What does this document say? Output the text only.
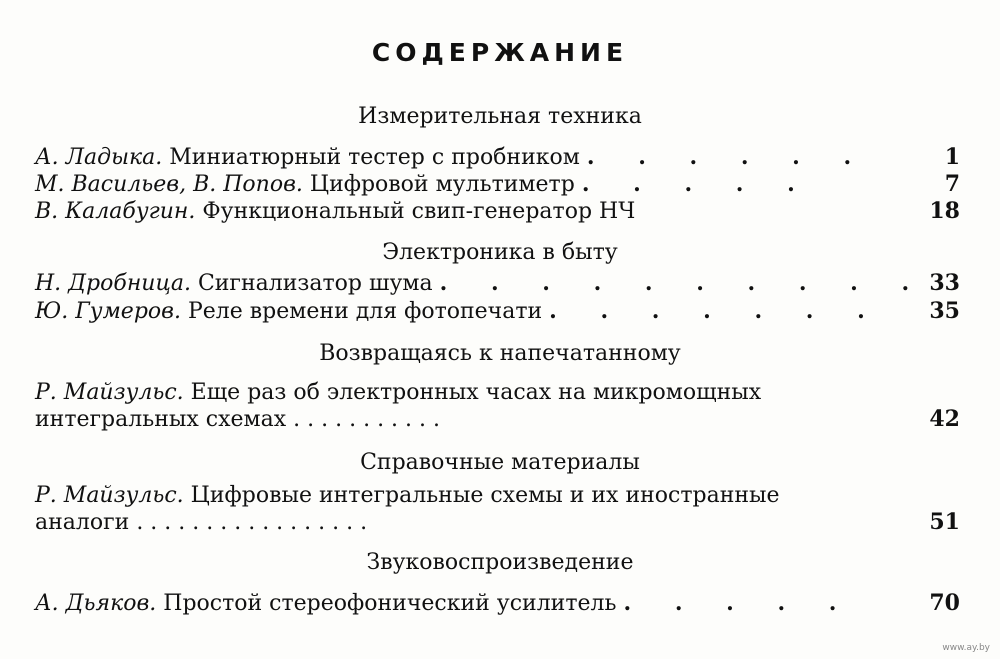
СОДЕРЖАНИЕ
Измерительная техника
А. Ладыка. Миниатюрный тестер с пробником . . . . . .	1
М. Васильев, В. Попов. Цифровой мультиметр . . . . .	7
В. Калабугин. Функциональный свип-генератор НЧ	18
Электроника в быту
Н. Дробница. Сигнализатор шума . . . . . . . . . . 33
Ю. Гумеров. Реле времени для фотопечати . . . . . . . 35
Возвращаясь к напечатанному
Р. Майзульс. Еще раз об электронных часах на микромощных
интегральных схемах . . . . . . . . . . .	42
Справочные материалы
Р. Майзульс. Цифровые интегральные схемы и их иностранные
аналоги . . . . . . . . . . . . . . . . .	51
Звуковоспроизведение
А. Дьяков. Простой стереофонический усилитель . . . . .	70
www.ay.by
